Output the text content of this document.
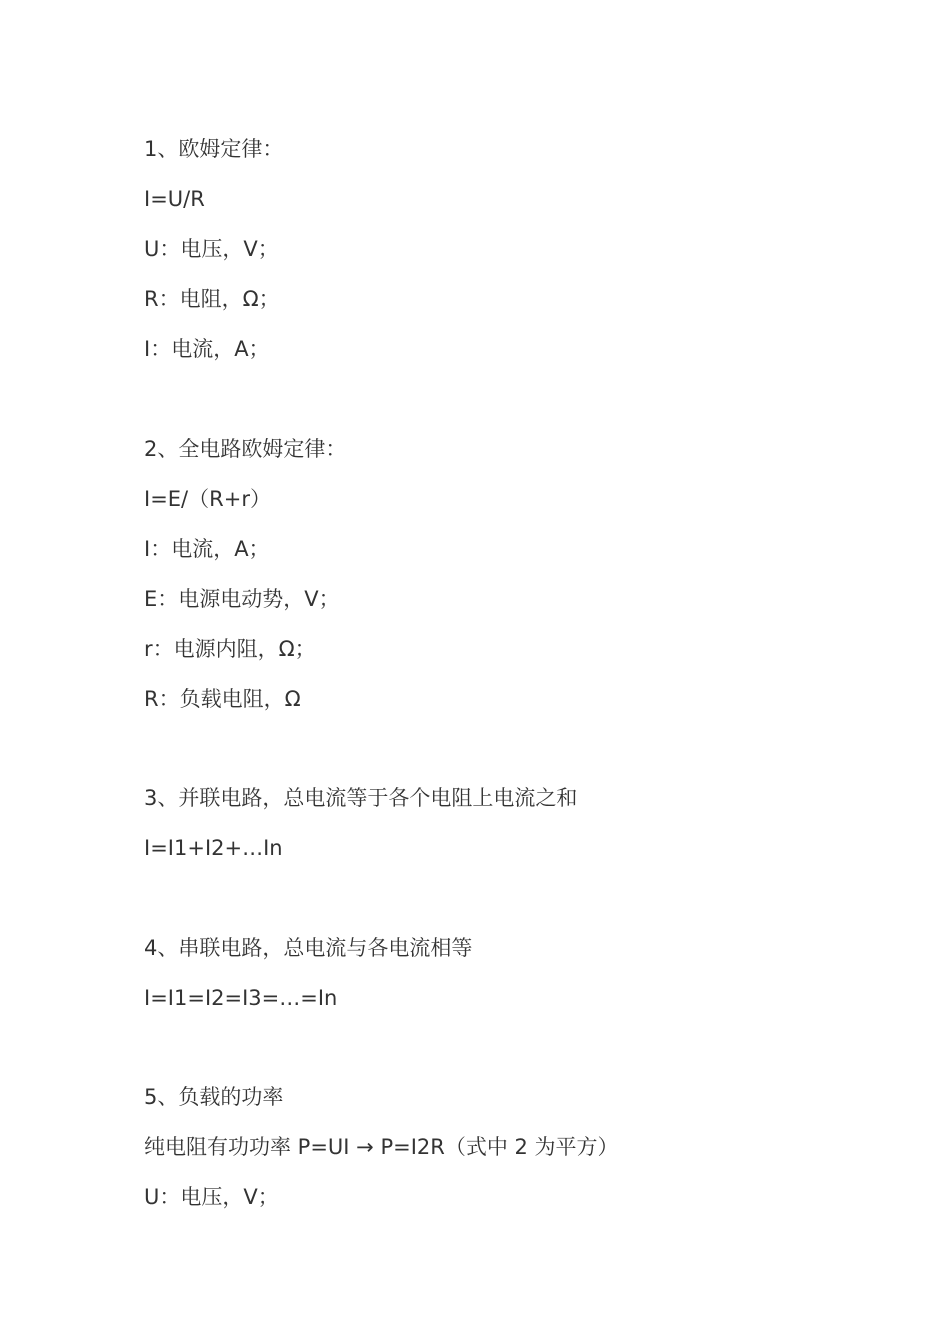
1、欧姆定律：
I=U/R
U：电压，V；
R：电阻，Ω；
I：电流，A；
2、全电路欧姆定律：
I=E/（R+r）
I：电流，A；
E：电源电动势，V；
r：电源内阻，Ω；
R：负载电阻，Ω
3、并联电路，总电流等于各个电阻上电流之和
I=I1+I2+…In
4、串联电路，总电流与各电流相等
I=I1=I2=I3=…=In
5、负载的功率
纯电阻有功功率 P=UI → P=I2R（式中 2 为平方）
U：电压，V；
